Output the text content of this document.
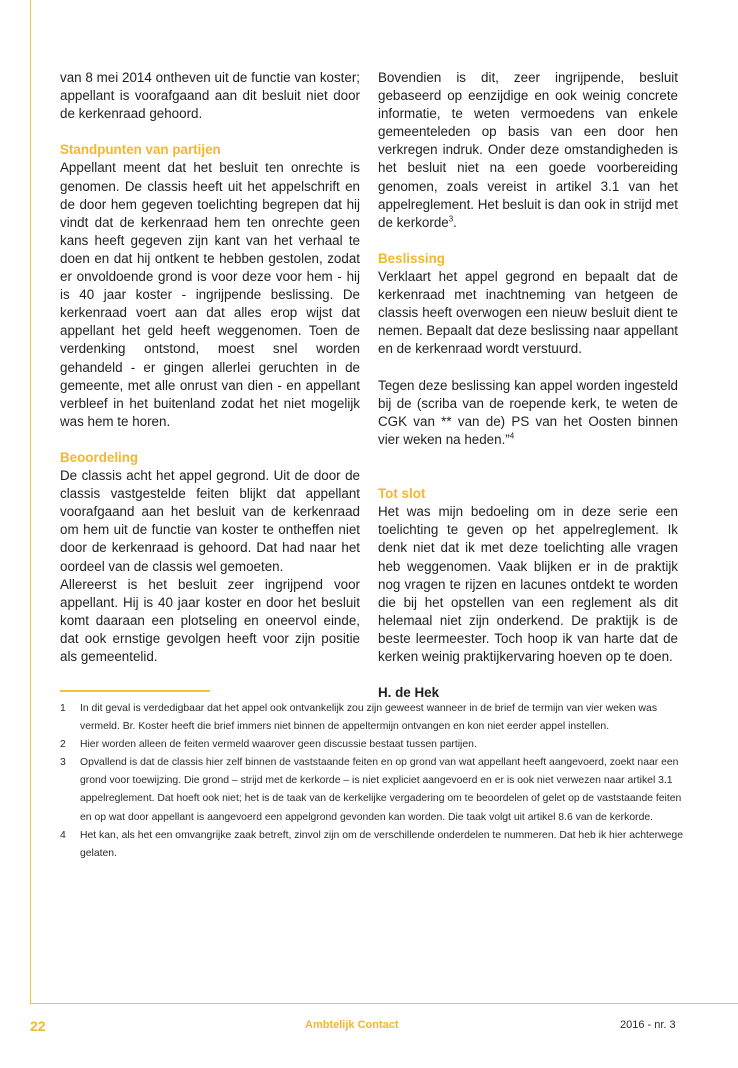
van 8 mei 2014 ontheven uit de functie van koster; appellant is voorafgaand aan dit besluit niet door de kerkenraad gehoord.

Standpunten van partijen

Appellant meent dat het besluit ten onrechte is genomen. De classis heeft uit het appelschrift en de door hem gegeven toelichting begrepen dat hij vindt dat de kerkenraad hem ten onrechte geen kans heeft gegeven zijn kant van het verhaal te doen en dat hij ontkent te hebben gestolen, zodat er onvoldoende grond is voor deze voor hem - hij is 40 jaar koster - ingrijpende beslissing. De kerkenraad voert aan dat alles erop wijst dat appellant het geld heeft weggenomen. Toen de verdenking ontstond, moest snel worden gehandeld - er gingen allerlei geruchten in de gemeente, met alle onrust van dien - en appellant verbleef in het buitenland zodat het niet mogelijk was hem te horen.

Beoordeling

De classis acht het appel gegrond. Uit de door de classis vastgestelde feiten blijkt dat appellant voorafgaand aan het besluit van de kerkenraad om hem uit de functie van koster te ontheffen niet door de kerkenraad is gehoord. Dat had naar het oordeel van de classis wel gemoeten.

Allereerst is het besluit zeer ingrijpend voor appellant. Hij is 40 jaar koster en door het besluit komt daaraan een plotseling en oneervol einde, dat ook ernstige gevolgen heeft voor zijn positie als gemeentelid.

Bovendien is dit, zeer ingrijpende, besluit gebaseerd op eenzijdige en ook weinig concrete informatie, te weten vermoedens van enkele gemeenteleden op basis van een door hen verkregen indruk. Onder deze omstandigheden is het besluit niet na een goede voorbereiding genomen, zoals vereist in artikel 3.1 van het appelreglement. Het besluit is dan ook in strijd met de kerkorde$^3$.

Beslissing

Verklaart het appel gegrond en bepaalt dat de kerkenraad met inachtneming van hetgeen de classis heeft overwogen een nieuw besluit dient te nemen. Bepaalt dat deze beslissing naar appellant en de kerkenraad wordt verstuurd.

Tegen deze beslissing kan appel worden ingesteld bij de (scriba van de roepende kerk, te weten de CGK van ** van de) PS van het Oosten binnen vier weken na heden.”$^4$

Tot slot

Het was mijn bedoeling om in deze serie een toelichting te geven op het appelreglement. Ik denk niet dat ik met deze toelichting alle vragen heb weggenomen. Vaak blijken er in de praktijk nog vragen te rijzen en lacunes ontdekt te worden die bij het opstellen van een reglement als dit helemaal niet zijn onderkend. De praktijk is de beste leermeester. Toch hoop ik van harte dat de kerken weinig praktijkervaring hoeven op te doen.

H. de Hek

1	In dit geval is verdedigbaar dat het appel ook ontvankelijk zou zijn geweest wanneer in de brief de termijn van vier weken was vermeld. Br. Koster heeft die brief immers niet binnen de appeltermijn ontvangen en kon niet eerder appel instellen.
2	Hier worden alleen de feiten vermeld waarover geen discussie bestaat tussen partijen.
3	Opvallend is dat de classis hier zelf binnen de vaststaande feiten en op grond van wat appellant heeft aangevoerd, zoekt naar een grond voor toewijzing. Die grond – strijd met de kerkorde – is niet expliciet aangevoerd en er is ook niet verwezen naar artikel 3.1 appelreglement. Dat hoeft ook niet; het is de taak van de kerkelijke vergadering om te beoordelen of gelet op de vaststaande feiten en op wat door appellant is aangevoerd een appelgrond gevonden kan worden. Die taak volgt uit artikel 8.6 van de kerkorde.
4	Het kan, als het een omvangrijke zaak betreft, zinvol zijn om de verschillende onderdelen te nummeren. Dat heb ik hier achterwege gelaten.
22	Ambtelijk Contact	2016 - nr. 3
